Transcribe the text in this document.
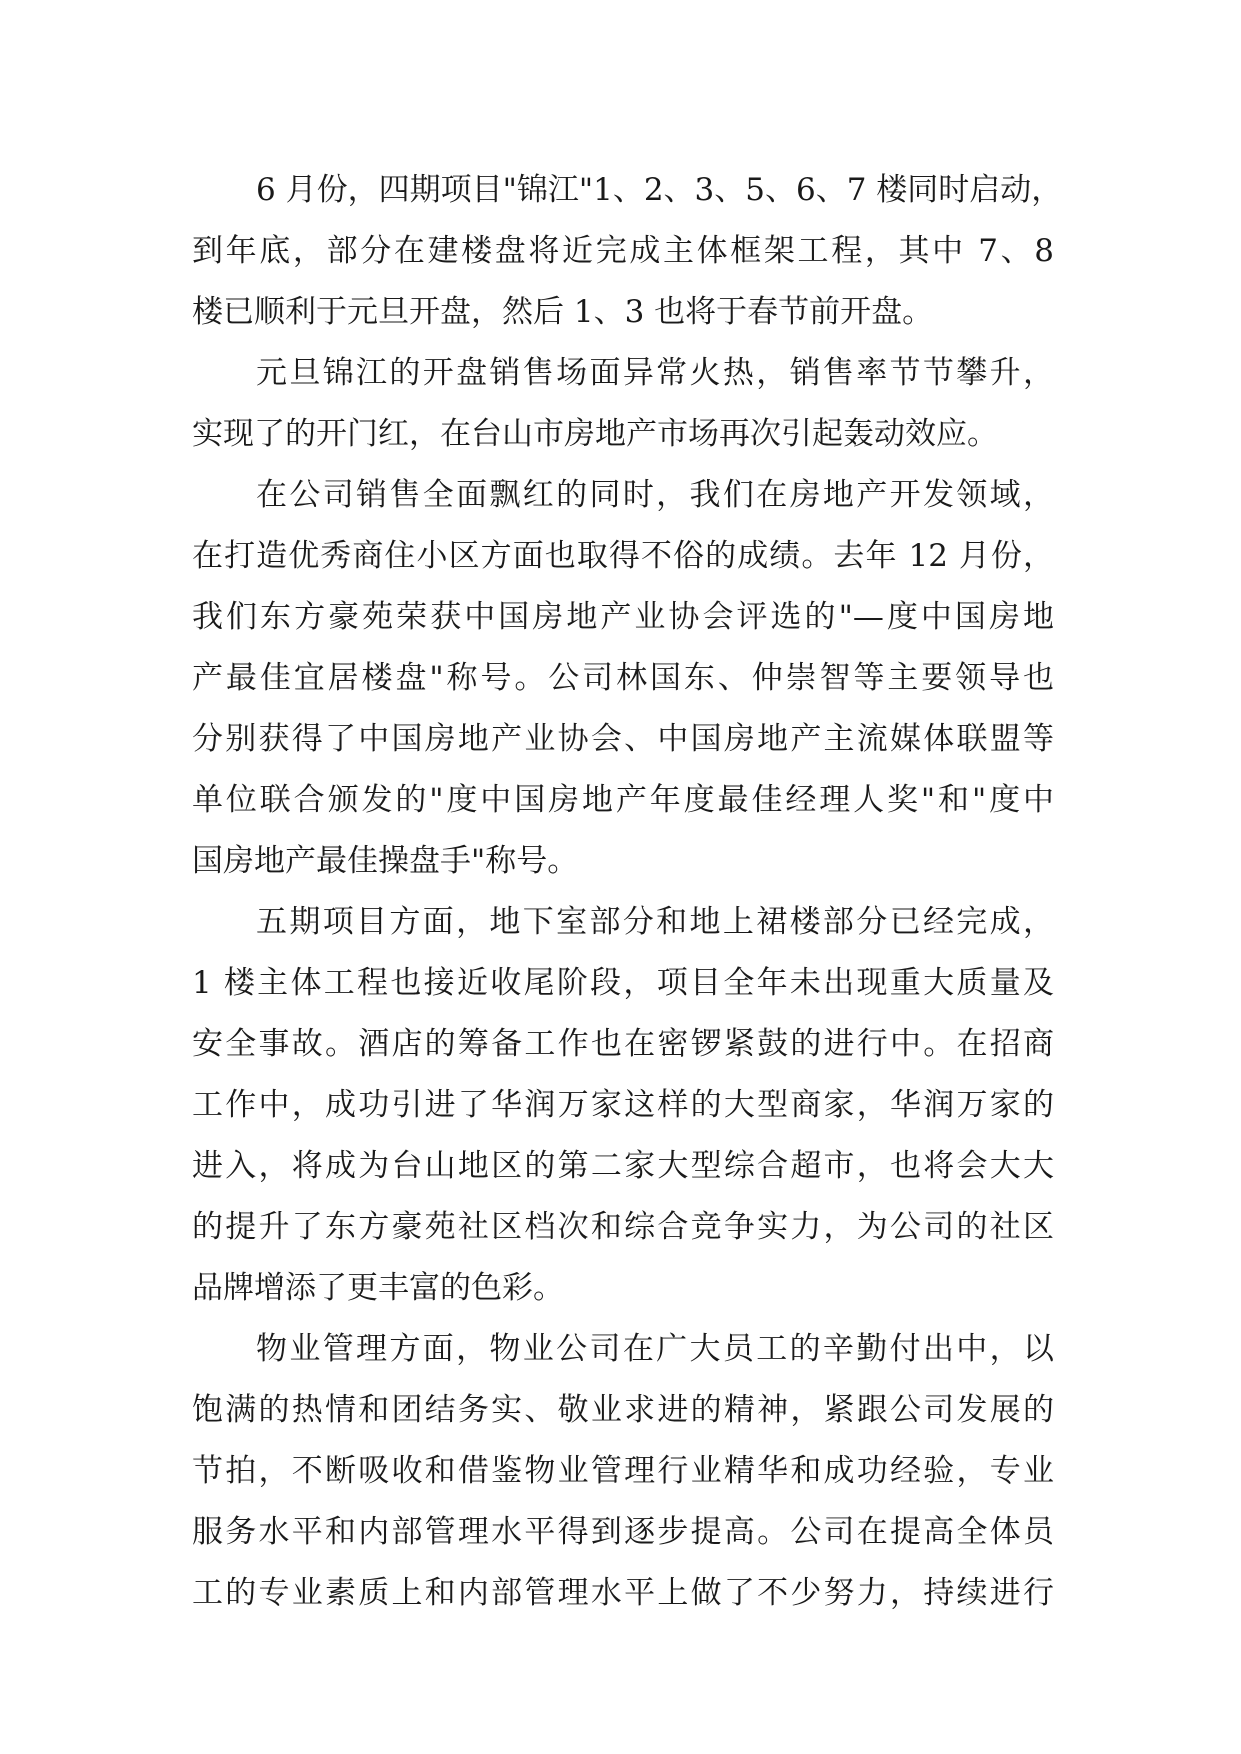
6 月份，四期项目"锦江"1、2、3、5、6、7 楼同时启动，
到年底，部分在建楼盘将近完成主体框架工程，其中 7、8
楼已顺利于元旦开盘，然后 1、3 也将于春节前开盘。
元旦锦江的开盘销售场面异常火热，销售率节节攀升，
实现了的开门红，在台山市房地产市场再次引起轰动效应。
在公司销售全面飘红的同时，我们在房地产开发领域，
在打造优秀商住小区方面也取得不俗的成绩。去年 12 月份，
我们东方豪苑荣获中国房地产业协会评选的"—度中国房地
产最佳宜居楼盘"称号。公司林国东、仲崇智等主要领导也
分别获得了中国房地产业协会、中国房地产主流媒体联盟等
单位联合颁发的"度中国房地产年度最佳经理人奖"和"度中
国房地产最佳操盘手"称号。
五期项目方面，地下室部分和地上裙楼部分已经完成，
1 楼主体工程也接近收尾阶段，项目全年未出现重大质量及
安全事故。酒店的筹备工作也在密锣紧鼓的进行中。在招商
工作中，成功引进了华润万家这样的大型商家，华润万家的
进入，将成为台山地区的第二家大型综合超市，也将会大大
的提升了东方豪苑社区档次和综合竞争实力，为公司的社区
品牌增添了更丰富的色彩。
物业管理方面，物业公司在广大员工的辛勤付出中，以
饱满的热情和团结务实、敬业求进的精神，紧跟公司发展的
节拍，不断吸收和借鉴物业管理行业精华和成功经验，专业
服务水平和内部管理水平得到逐步提高。公司在提高全体员
工的专业素质上和内部管理水平上做了不少努力，持续进行
